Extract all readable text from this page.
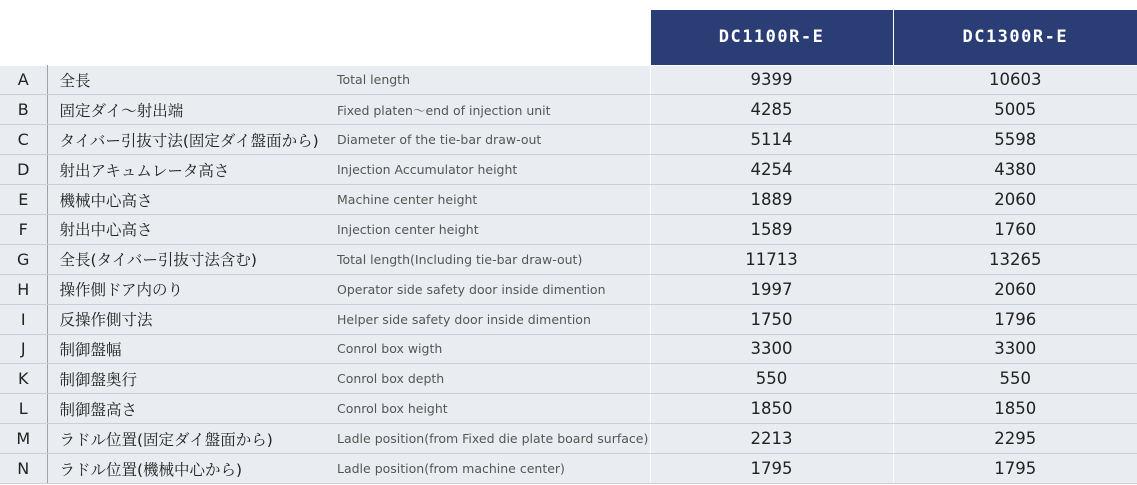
			DC1100R-E	DC1300R-E
A	全長	Total length	9399	10603
B	固定ダイ〜射出端	Fixed platen〜end of injection unit	4285	5005
C	タイバー引抜寸法(固定ダイ盤面から)	Diameter of the tie-bar draw-out	5114	5598
D	射出アキュムレータ高さ	Injection Accumulator height	4254	4380
E	機械中心高さ	Machine center height	1889	2060
F	射出中心高さ	Injection center height	1589	1760
G	全長(タイバー引抜寸法含む)	Total length(Including tie-bar draw-out)	11713	13265
H	操作側ドア内のり	Operator side safety door inside dimention	1997	2060
I	反操作側寸法	Helper side safety door inside dimention	1750	1796
J	制御盤幅	Conrol box wigth	3300	3300
K	制御盤奥行	Conrol box depth	550	550
L	制御盤高さ	Conrol box height	1850	1850
M	ラドル位置(固定ダイ盤面から)	Ladle position(from Fixed die plate board surface)	2213	2295
N	ラドル位置(機械中心から)	Ladle position(from machine center)	1795	1795
